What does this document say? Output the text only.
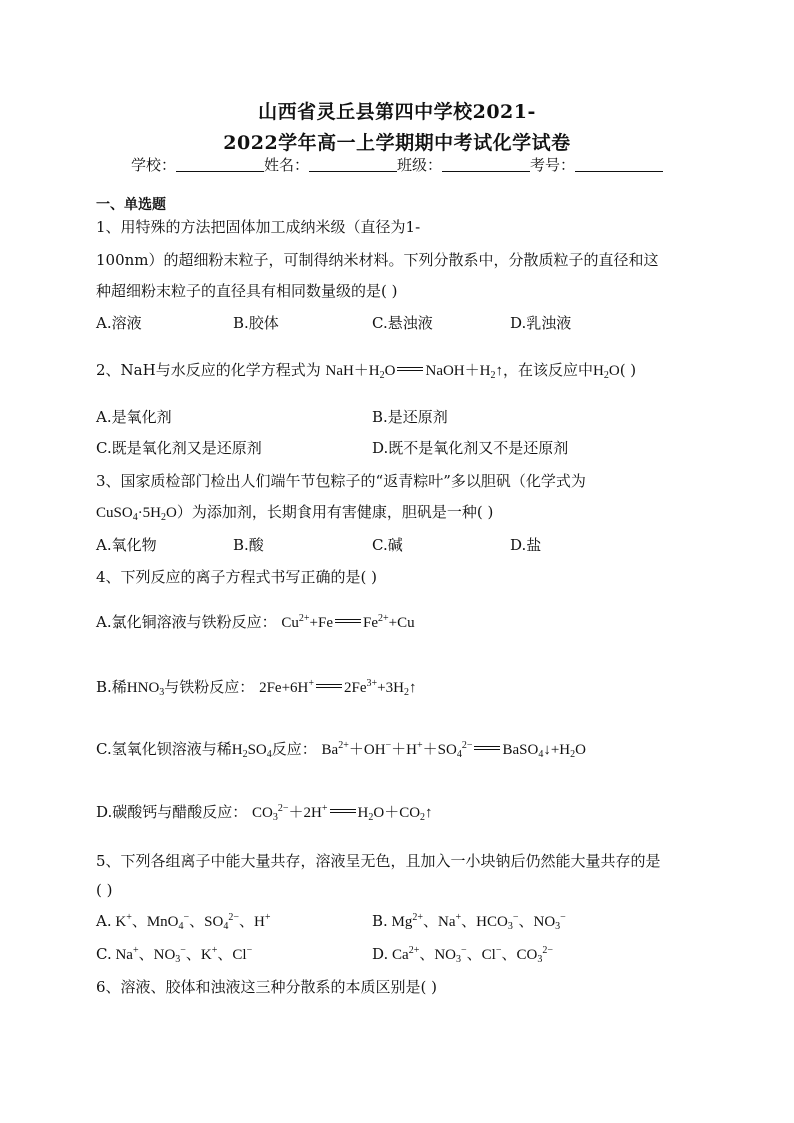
山西省灵丘县第四中学校2021-
2022学年高一上学期期中考试化学试卷
学校：	姓名：	班级：	考号：
一、单选题
1、用特殊的方法把固体加工成纳米级（直径为1-
100nm）的超细粉末粒子，可制得纳米材料。下列分散系中，分散质粒子的直径和这
种超细粉末粒子的直径具有相同数量级的是( )
A.溶液	B.胶体	C.悬浊液	D.乳浊液
2、NaH与水反应的化学方程式为 $NaH+H_2O$ $NaOH+H_2↑$，在该反应中$H_2O$( )
A.是氧化剂	B.是还原剂
C.既是氧化剂又是还原剂	D.既不是氧化剂又不是还原剂
3、国家质检部门检出人们端午节包粽子的“返青粽叶”多以胆矾（化学式为
$CuSO_4\cdot 5H_2O$）为添加剂，长期食用有害健康，胆矾是一种( )
A.氧化物	B.酸	C.碱	D.盐
4、下列反应的离子方程式书写正确的是( )
A.氯化铜溶液与铁粉反应： $Cu^{2+}+Fe$ $Fe^{2+}+Cu$
B.稀$HNO_3$与铁粉反应： 2Fe+6H+ $2Fe^{3+}+3H_2↑$
C.氢氧化钡溶液与稀$H_2SO_4$反应： $Ba^{2+}+OH^-+H^++SO_4^{2-}$ $BaSO_4↓+H_2O$
D.碳酸钙与醋酸反应： $CO_3^{2-}+2H^+$ $H_2O+CO_2↑$
5、下列各组离子中能大量共存，溶液呈无色，且加入一小块钠后仍然能大量共存的是
( )
A. K+、MnO$_4$−、$SO_4^{2-}$、H+	B. $Mg^{2+}$、Na+、$HCO_3^-$、$NO_3^-$
C. Na+、$NO_3^-$、K+、Cl−	D. $Ca^{2+}$、$NO_3^-$、Cl−、$CO_3^{2-}$
6、溶液、胶体和浊液这三种分散系的本质区别是( )
